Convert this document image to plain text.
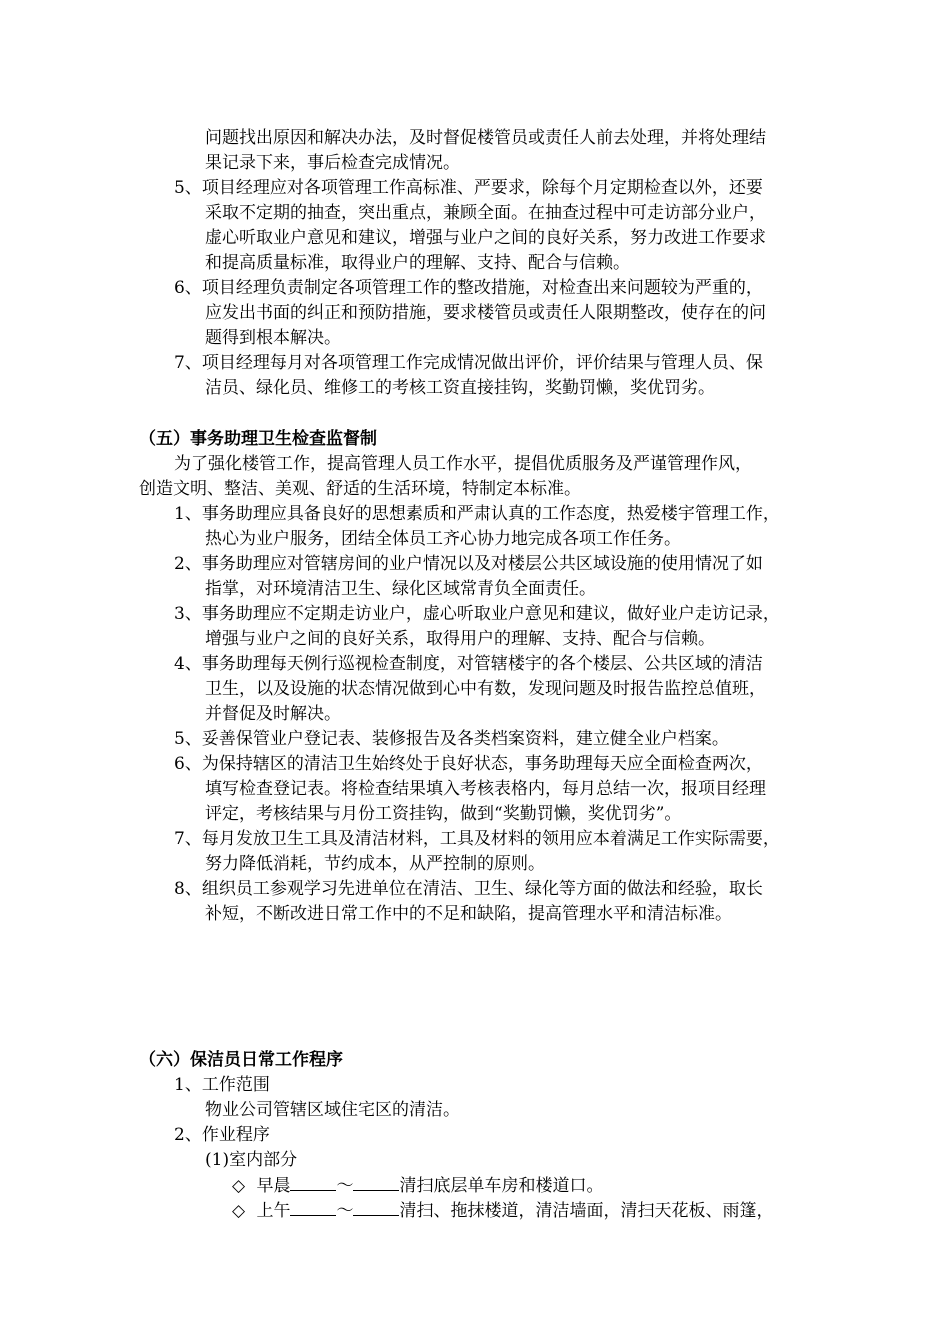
问题找出原因和解决办法，及时督促楼管员或责任人前去处理，并将处理结
果记录下来，事后检查完成情况。
5、项目经理应对各项管理工作高标准、严要求，除每个月定期检查以外，还要
采取不定期的抽查，突出重点，兼顾全面。在抽查过程中可走访部分业户，
虚心听取业户意见和建议，增强与业户之间的良好关系，努力改进工作要求
和提高质量标准，取得业户的理解、支持、配合与信赖。
6、项目经理负责制定各项管理工作的整改措施，对检查出来问题较为严重的，
应发出书面的纠正和预防措施，要求楼管员或责任人限期整改，使存在的问
题得到根本解决。
7、项目经理每月对各项管理工作完成情况做出评价，评价结果与管理人员、保
洁员、绿化员、维修工的考核工资直接挂钩，奖勤罚懒，奖优罚劣。
（五）事务助理卫生检查监督制
为了强化楼管工作，提高管理人员工作水平，提倡优质服务及严谨管理作风，
创造文明、整洁、美观、舒适的生活环境，特制定本标准。
1、事务助理应具备良好的思想素质和严肃认真的工作态度，热爱楼宇管理工作，
热心为业户服务，团结全体员工齐心协力地完成各项工作任务。
2、事务助理应对管辖房间的业户情况以及对楼层公共区域设施的使用情况了如
指掌，对环境清洁卫生、绿化区域常青负全面责任。
3、事务助理应不定期走访业户，虚心听取业户意见和建议，做好业户走访记录，
增强与业户之间的良好关系，取得用户的理解、支持、配合与信赖。
4、事务助理每天例行巡视检查制度，对管辖楼宇的各个楼层、公共区域的清洁
卫生，以及设施的状态情况做到心中有数，发现问题及时报告监控总值班，
并督促及时解决。
5、妥善保管业户登记表、装修报告及各类档案资料，建立健全业户档案。
6、为保持辖区的清洁卫生始终处于良好状态，事务助理每天应全面检查两次，
填写检查登记表。将检查结果填入考核表格内，每月总结一次，报项目经理
评定，考核结果与月份工资挂钩，做到“奖勤罚懒，奖优罚劣”。
7、每月发放卫生工具及清洁材料，工具及材料的领用应本着满足工作实际需要，
努力降低消耗，节约成本，从严控制的原则。
8、组织员工参观学习先进单位在清洁、卫生、绿化等方面的做法和经验，取长
补短，不断改进日常工作中的不足和缺陷，提高管理水平和清洁标准。
（六）保洁员日常工作程序
1、工作范围
物业公司管辖区域住宅区的清洁。
2、作业程序
(1)室内部分
◇ 早晨	～	清扫底层单车房和楼道口。
◇ 上午	～	清扫、拖抹楼道，清洁墙面，清扫天花板、雨篷，
